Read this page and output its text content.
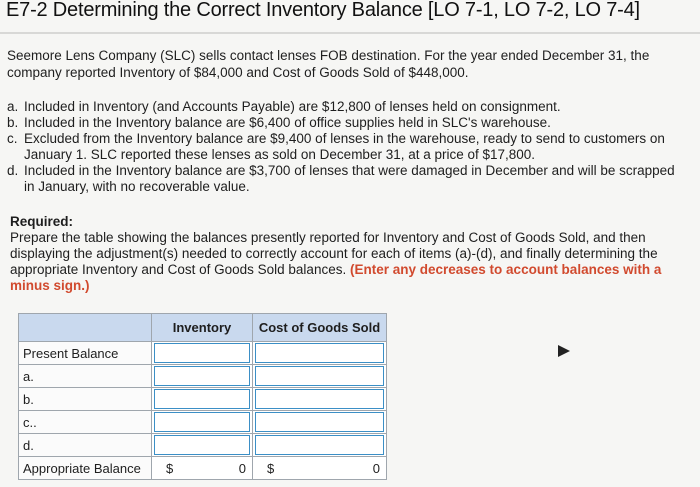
E7-2 Determining the Correct Inventory Balance [LO 7-1, LO 7-2, LO 7-4]
Seemore Lens Company (SLC) sells contact lenses FOB destination. For the year ended December 31, the company reported Inventory of $84,000 and Cost of Goods Sold of $448,000.
a. Included in Inventory (and Accounts Payable) are $12,800 of lenses held on consignment.
b. Included in the Inventory balance are $6,400 of office supplies held in SLC's warehouse.
c. Excluded from the Inventory balance are $9,400 of lenses in the warehouse, ready to send to customers on January 1. SLC reported these lenses as sold on December 31, at a price of $17,800.
d. Included in the Inventory balance are $3,700 of lenses that were damaged in December and will be scrapped in January, with no recoverable value.
Required:
Prepare the table showing the balances presently reported for Inventory and Cost of Goods Sold, and then displaying the adjustment(s) needed to correctly account for each of items (a)-(d), and finally determining the appropriate Inventory and Cost of Goods Sold balances. (Enter any decreases to account balances with a minus sign.)
	Inventory	Cost of Goods Sold
Present Balance	

a.	

b.	

c..	

d.	

Appropriate Balance	$ 0	$ 0
